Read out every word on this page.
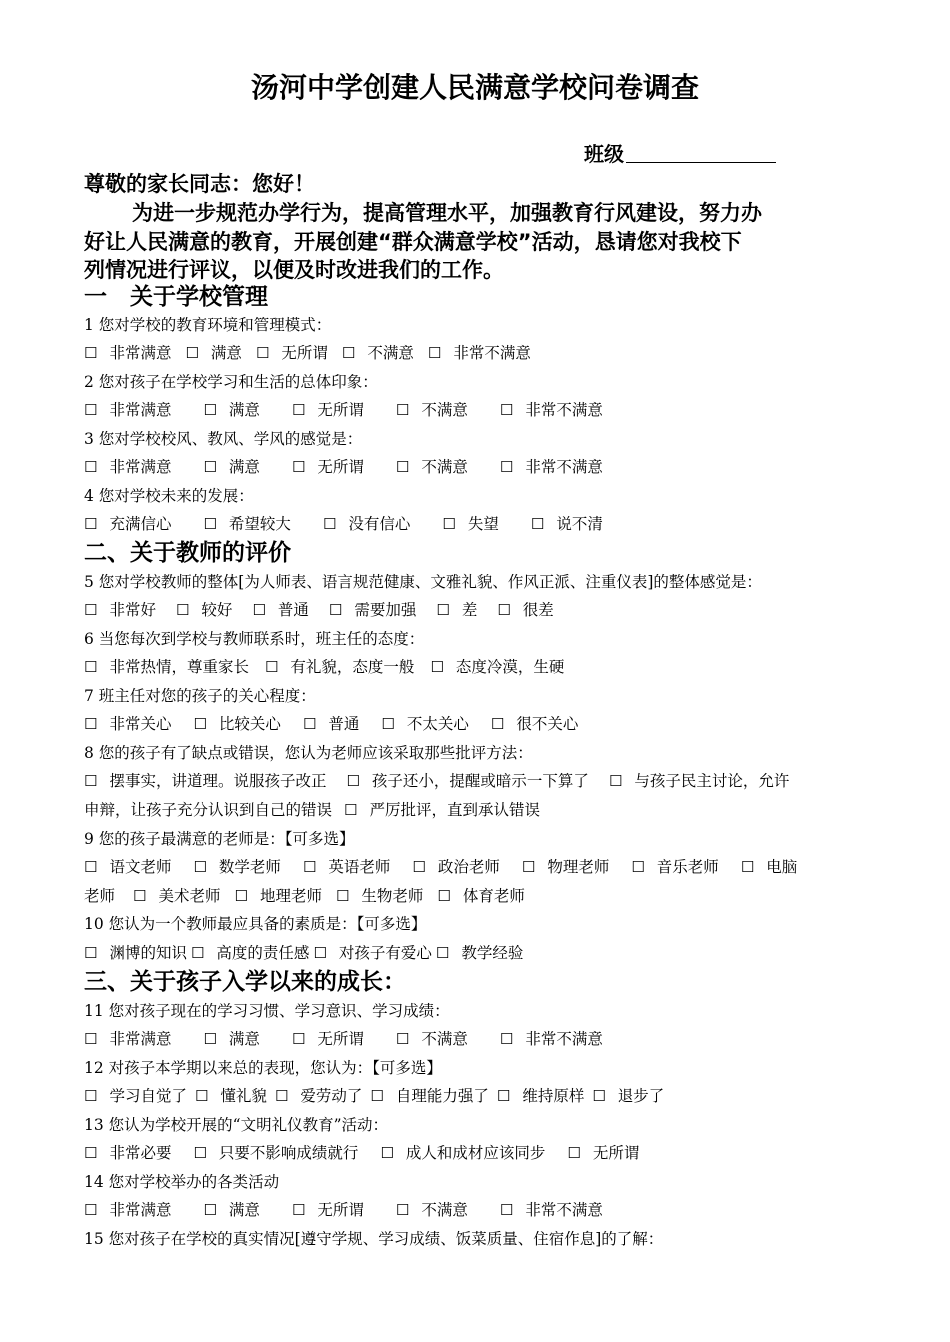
汤河中学创建人民满意学校问卷调查
班级
尊敬的家长同志：您好！
为进一步规范办学行为，提高管理水平，加强教育行风建设，努力办
好让人民满意的教育，开展创建“群众满意学校”活动，恳请您对我校下
列情况进行评议，以便及时改进我们的工作。
一　关于学校管理
1 您对学校的教育环境和管理模式：
☐ 非常满意	☐ 满意	☐ 无所谓	☐ 不满意	☐ 非常不满意
2 您对孩子在学校学习和生活的总体印象：
☐ 非常满意	☐ 满意	☐ 无所谓	☐ 不满意	☐ 非常不满意
3 您对学校校风、教风、学风的感觉是：
☐ 非常满意	☐ 满意	☐ 无所谓	☐ 不满意	☐ 非常不满意
4 您对学校未来的发展：
☐ 充满信心	☐ 希望较大	☐ 没有信心	☐ 失望	☐ 说不清
二、关于教师的评价
5 您对学校教师的整体[为人师表、语言规范健康、文雅礼貌、作风正派、注重仪表]的整体感觉是：
☐ 非常好	☐ 较好	☐ 普通	☐ 需要加强	☐ 差	☐ 很差
6 当您每次到学校与教师联系时，班主任的态度：
☐ 非常热情，尊重家长	☐ 有礼貌，态度一般	☐ 态度冷漠，生硬
7 班主任对您的孩子的关心程度：
☐ 非常关心	☐ 比较关心	☐ 普通	☐ 不太关心	☐ 很不关心
8 您的孩子有了缺点或错误，您认为老师应该采取那些批评方法：
☐ 摆事实，讲道理。说服孩子改正	☐ 孩子还小，提醒或暗示一下算了	☐ 与孩子民主讨论，允许
申辩，让孩子充分认识到自己的错误 ☐ 严厉批评，直到承认错误
9 您的孩子最满意的老师是：【可多选】
☐ 语文老师	☐ 数学老师	☐ 英语老师	☐ 政治老师	☐ 物理老师	☐ 音乐老师	☐ 电脑
老师	☐ 美术老师	☐ 地理老师	☐ 生物老师	☐ 体育老师
10 您认为一个教师最应具备的素质是：【可多选】
☐ 渊博的知识 ☐ 高度的责任感 ☐ 对孩子有爱心 ☐ 教学经验
三、关于孩子入学以来的成长：
11 您对孩子现在的学习习惯、学习意识、学习成绩：
☐ 非常满意	☐ 满意	☐ 无所谓	☐ 不满意	☐ 非常不满意
12 对孩子本学期以来总的表现，您认为：【可多选】
☐ 学习自觉了 ☐ 懂礼貌 ☐ 爱劳动了 ☐ 自理能力强了 ☐ 维持原样 ☐ 退步了
13 您认为学校开展的“文明礼仪教育”活动：
☐ 非常必要	☐ 只要不影响成绩就行	☐ 成人和成材应该同步	☐ 无所谓
14 您对学校举办的各类活动
☐ 非常满意	☐ 满意	☐ 无所谓	☐ 不满意	☐ 非常不满意
15 您对孩子在学校的真实情况[遵守学规、学习成绩、饭菜质量、住宿作息]的了解：
